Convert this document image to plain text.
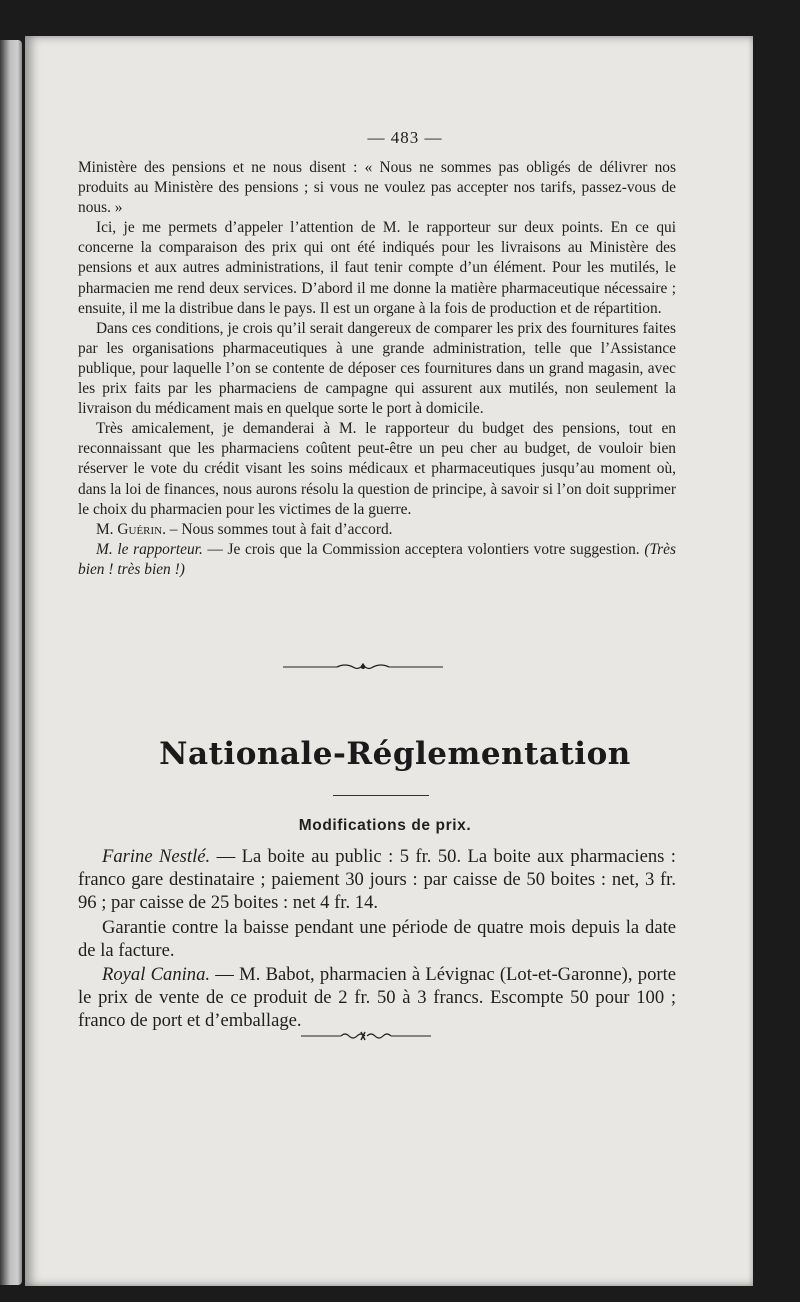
— 483 —

Ministère des pensions et ne nous disent : « Nous ne sommes pas obligés de délivrer nos produits au Ministère des pensions ; si vous ne voulez pas accepter nos tarifs, passez-vous de nous. »

Ici, je me permets d’appeler l’attention de M. le rapporteur sur deux points. En ce qui concerne la comparaison des prix qui ont été indiqués pour les livraisons au Ministère des pensions et aux autres administrations, il faut tenir compte d’un élément. Pour les mutilés, le pharmacien me rend deux services. D’abord il me donne la matière pharmaceutique nécessaire ; ensuite, il me la distribue dans le pays. Il est un organe à la fois de production et de répartition.

Dans ces conditions, je crois qu’il serait dangereux de comparer les prix des fournitures faites par les organisations pharmaceutiques à une grande administration, telle que l’Assistance publique, pour laquelle l’on se contente de déposer ces fournitures dans un grand magasin, avec les prix faits par les pharmaciens de campagne qui assurent aux mutilés, non seulement la livraison du médicament mais en quelque sorte le port à domicile.

Très amicalement, je demanderai à M. le rapporteur du budget des pensions, tout en reconnaissant que les pharmaciens coûtent peut-être un peu cher au budget, de vouloir bien réserver le vote du crédit visant les soins médicaux et pharmaceutiques jusqu’au moment où, dans la loi de finances, nous aurons résolu la question de principe, à savoir si l’on doit supprimer le choix du pharmacien pour les victimes de la guerre.

M. Guérin. – Nous sommes tout à fait d’accord.

M. le rapporteur. — Je crois que la Commission acceptera volontiers votre suggestion. (Très bien ! très bien !)

Nationale-Réglementation
Modifications de prix.

Farine Nestlé. — La boite au public : 5 fr. 50. La boite aux pharmaciens : franco gare destinataire ; paiement 30 jours : par caisse de 50 boites : net, 3 fr. 96 ; par caisse de 25 boites : net 4 fr. 14.

Garantie contre la baisse pendant une période de quatre mois depuis la date de la facture.

Royal Canina. — M. Babot, pharmacien à Lévignac (Lot-et-Garonne), porte le prix de vente de ce produit de 2 fr. 50 à 3 francs. Escompte 50 pour 100 ; franco de port et d’emballage.
